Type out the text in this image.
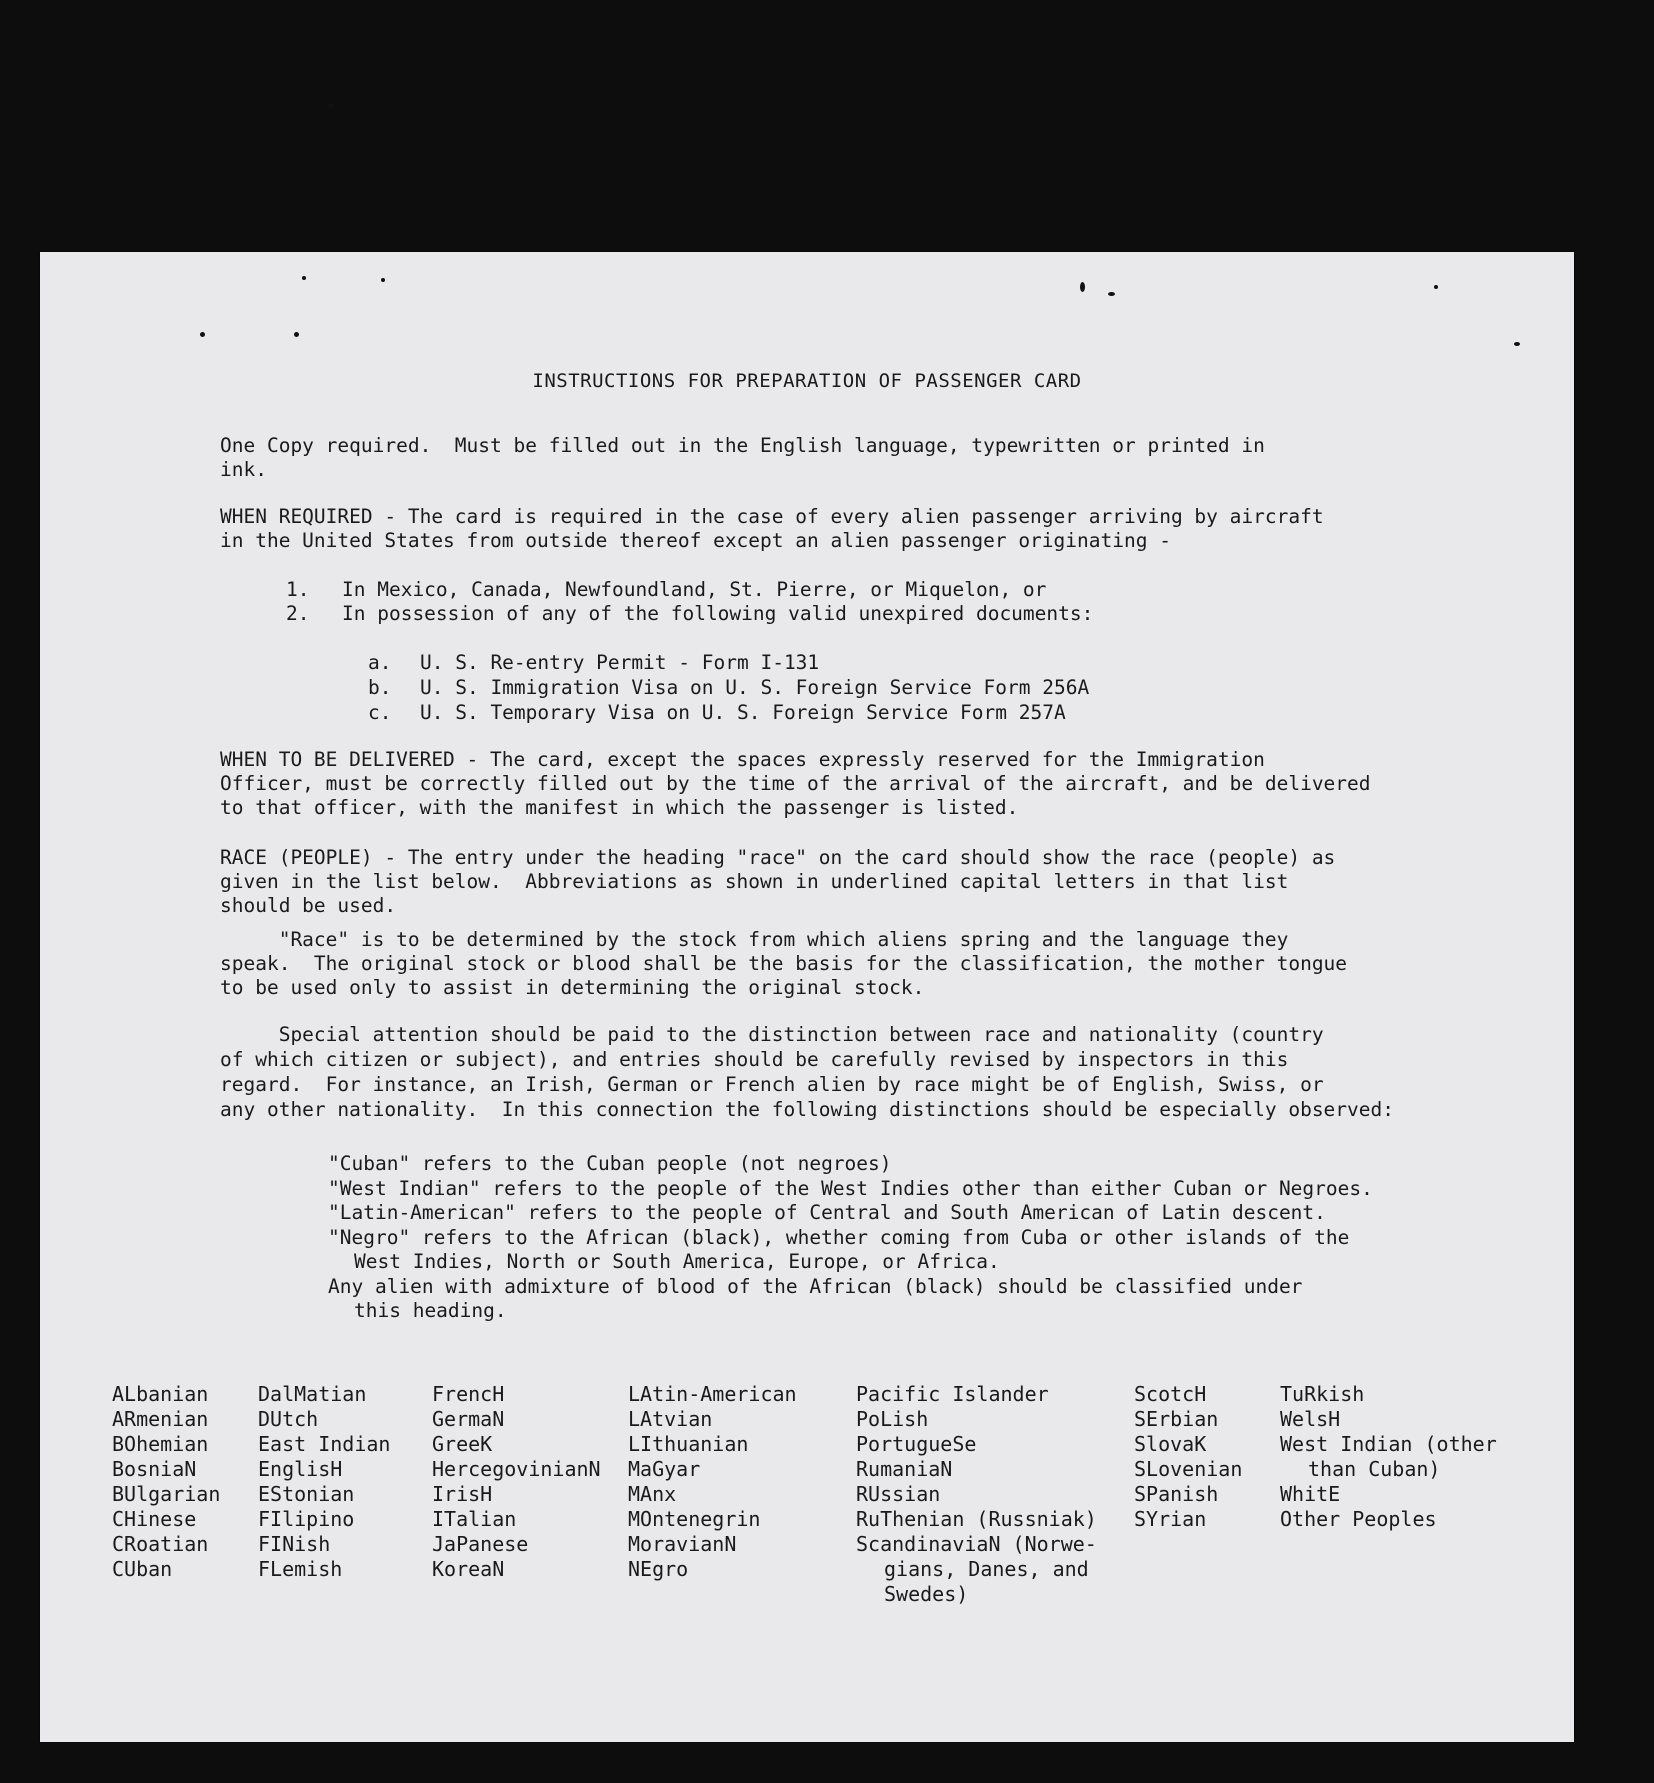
INSTRUCTIONS FOR PREPARATION OF PASSENGER CARD

One Copy required.  Must be filled out in the English language, typewritten or printed in
ink.

WHEN REQUIRED - The card is required in the case of every alien passenger arriving by aircraft
in the United States from outside thereof except an alien passenger originating -

1. In Mexico, Canada, Newfoundland, St. Pierre, or Miquelon, or
2. In possession of any of the following valid unexpired documents:
a. U. S. Re-entry Permit - Form I-131
b. U. S. Immigration Visa on U. S. Foreign Service Form 256A
c. U. S. Temporary Visa on U. S. Foreign Service Form 257A

WHEN TO BE DELIVERED - The card, except the spaces expressly reserved for the Immigration
Officer, must be correctly filled out by the time of the arrival of the aircraft, and be delivered
to that officer, with the manifest in which the passenger is listed.

RACE (PEOPLE) - The entry under the heading "race" on the card should show the race (people) as
given in the list below.  Abbreviations as shown in underlined capital letters in that list
should be used.

"Race" is to be determined by the stock from which aliens spring and the language they
speak.  The original stock or blood shall be the basis for the classification, the mother tongue
to be used only to assist in determining the original stock.

Special attention should be paid to the distinction between race and nationality (country
of which citizen or subject), and entries should be carefully revised by inspectors in this
regard.  For instance, an Irish, German or French alien by race might be of English, Swiss, or
any other nationality.  In this connection the following distinctions should be especially observed:

"Cuban" refers to the Cuban people (not negroes)
"West Indian" refers to the people of the West Indies other than either Cuban or Negroes.
"Latin-American" refers to the people of Central and South American of Latin descent.
"Negro" refers to the African (black), whether coming from Cuba or other islands of the
West Indies, North or South America, Europe, or Africa.
Any alien with admixture of blood of the African (black) should be classified under
this heading.
ALbanian
ARmenian
BOhemian
BosniaN
BUlgarian
CHinese
CRoatian
CUban
DalMatian
DUtch
East Indian
EnglisH
EStonian
FIlipino
FINish
FLemish
FrencH
GermaN
GreeK
HercegovinianN
IrisH
ITalian
JaPanese
KoreaN
LAtin-American
LAtvian
LIthuanian
MaGyar
MAnx
MOntenegrin
MoravianN
NEgro
Pacific Islander
PoLish
PortugueSe
RumaniaN
RUssian
RuThenian (Russniak)
ScandinaviaN (Norwe-
gians, Danes, and
Swedes)
ScotcH
SErbian
SlovaK
SLovenian
SPanish
SYrian
TuRkish
WelsH
West Indian (other
than Cuban)
WhitE
Other Peoples
